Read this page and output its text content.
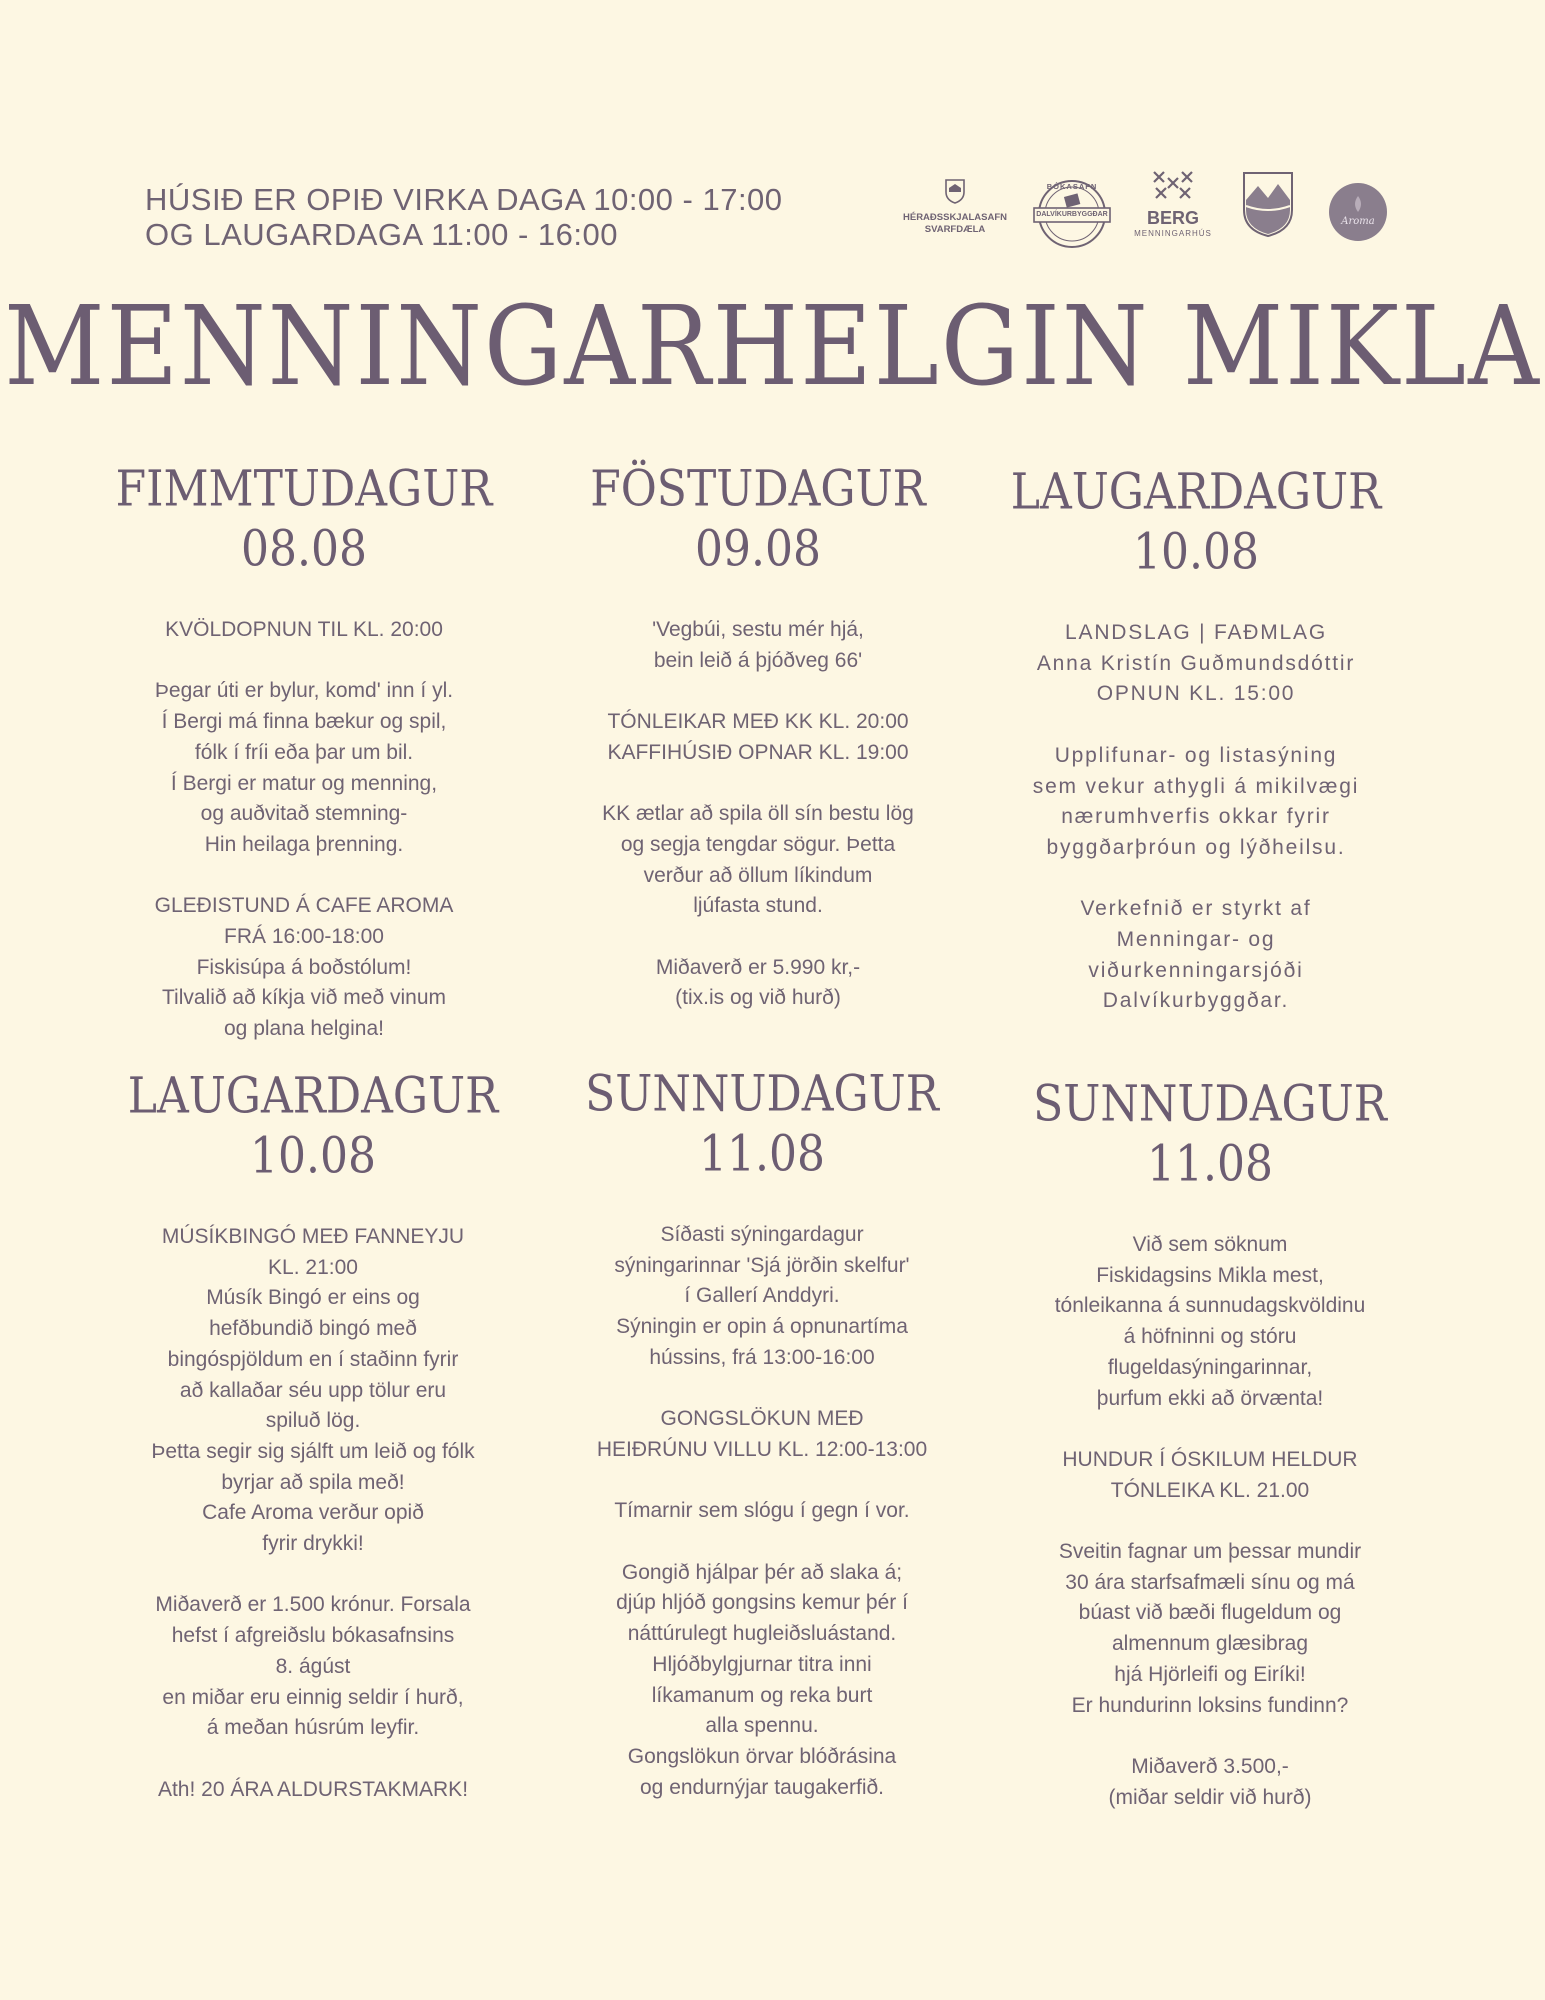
HÚSIÐ ER OPIÐ VIRKA DAGA 10:00 - 17:00
OG LAUGARDAGA 11:00 - 16:00	HÉRAÐSSKJALASAFN
SVARFDÆLA
BÓKASAFN
DALVÍKURBYGGÐAR	BERG
MENNINGARHÚS
Aroma
MENNINGARHELGIN MIKLA
FIMMTUDAGUR
08.08
KVÖLDOPNUN TIL KL. 20:00

Þegar úti er bylur, komd' inn í yl.
Í Bergi má finna bækur og spil,
fólk í fríi eða þar um bil.
Í Bergi er matur og menning,
og auðvitað stemning-
Hin heilaga þrenning.

GLEÐISTUND Á CAFE AROMA
FRÁ 16:00-18:00
Fiskisúpa á boðstólum!
Tilvalið að kíkja við með vinum
og plana helgina!
FÖSTUDAGUR
09.08
'Vegbúi, sestu mér hjá,
bein leið á þjóðveg 66'

TÓNLEIKAR MEÐ KK KL. 20:00
KAFFIHÚSIÐ OPNAR KL. 19:00

KK ætlar að spila öll sín bestu lög
og segja tengdar sögur. Þetta
verður að öllum líkindum
ljúfasta stund.

Miðaverð er 5.990 kr,-
(tix.is og við hurð)
LAUGARDAGUR
10.08
LANDSLAG | FAÐMLAG
Anna Kristín Guðmundsdóttir
OPNUN KL. 15:00

Upplifunar- og listasýning
sem vekur athygli á mikilvægi
nærumhverfis okkar fyrir
byggðarþróun og lýðheilsu.

Verkefnið er styrkt af
Menningar- og
viðurkenningarsjóði
Dalvíkurbyggðar.
LAUGARDAGUR
10.08
MÚSÍKBINGÓ MEÐ FANNEYJU
KL. 21:00
Músík Bingó er eins og
hefðbundið bingó með
bingóspjöldum en í staðinn fyrir
að kallaðar séu upp tölur eru
spiluð lög.
Þetta segir sig sjálft um leið og fólk
byrjar að spila með!
Cafe Aroma verður opið
fyrir drykki!

Miðaverð er 1.500 krónur. Forsala
hefst í afgreiðslu bókasafnsins
8. ágúst
en miðar eru einnig seldir í hurð,
á meðan húsrúm leyfir.

Ath! 20 ÁRA ALDURSTAKMARK!
SUNNUDAGUR
11.08
Síðasti sýningardagur
sýningarinnar 'Sjá jörðin skelfur'
í Gallerí Anddyri.
Sýningin er opin á opnunartíma
hússins, frá 13:00-16:00

GONGSLÖKUN MEÐ
HEIÐRÚNU VILLU KL. 12:00-13:00

Tímarnir sem slógu í gegn í vor.

Gongið hjálpar þér að slaka á;
djúp hljóð gongsins kemur þér í
náttúrulegt hugleiðsluástand.
Hljóðbylgjurnar titra inni
líkamanum og reka burt
alla spennu.
Gongslökun örvar blóðrásina
og endurnýjar taugakerfið.
SUNNUDAGUR
11.08
Við sem söknum
Fiskidagsins Mikla mest,
tónleikanna á sunnudagskvöldinu
á höfninni og stóru
flugeldasýningarinnar,
þurfum ekki að örvænta!

HUNDUR Í ÓSKILUM HELDUR
TÓNLEIKA KL. 21.00

Sveitin fagnar um þessar mundir
30 ára starfsafmæli sínu og má
búast við bæði flugeldum og
almennum glæsibrag
hjá Hjörleifi og Eiríki!
Er hundurinn loksins fundinn?

Miðaverð 3.500,-
(miðar seldir við hurð)
